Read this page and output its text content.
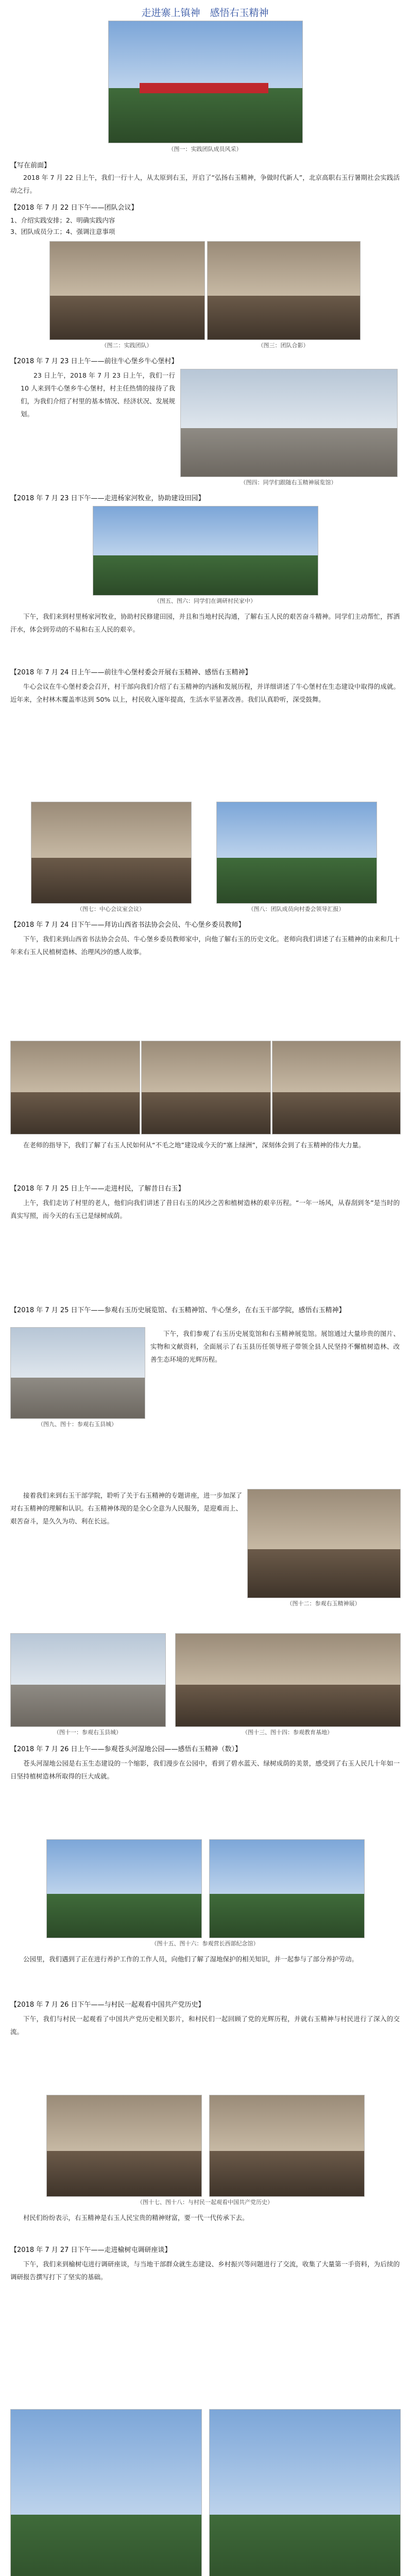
走进寨上镇神　感悟右玉精神
（图一：实践团队成员风采）
【写在前面】
2018 年 7 月 22 日上午，我们一行十人，从太原到右玉，开启了“弘扬右玉精神，争做时代新人”，北京高职右玉行暑期社会实践活动之行。
【2018 年 7 月 22 日下午——团队会议】
1、介绍实践安排；2、明确实践内容
3、团队成员分工；4、强调注意事项
（图二：实践团队）	（图三：团队合影）
【2018 年 7 月 23 日上午——前往牛心堡乡牛心堡村】
23 日上午，2018 年 7 月 23 日上午，我们一行 10 人来到牛心堡乡牛心堡村，村主任热情的接待了我们，为我们介绍了村里的基本情况、经济状况、发展规划。
（图四：同学们跟随右玉精神展览馆）
【2018 年 7 月 23 日下午——走进杨家河牧业，协助建设田园】
（图五、图六：同学们在调研村民家中）
下午，我们来到村里杨家河牧业，协助村民修建田园，并且和当地村民沟通，了解右玉人民的艰苦奋斗精神。同学们主动帮忙，挥洒汗水，体会到劳动的不易和右玉人民的艰辛。
【2018 年 7 月 24 日上午——前往牛心堡村委会开展右玉精神、感悟右玉精神】
牛心会议在牛心堡村委会召开，村干部向我们介绍了右玉精神的内涵和发展历程，并详细讲述了牛心堡村在生态建设中取得的成就。近年来，全村林木覆盖率达到 50% 以上，村民收入逐年提高，生活水平显著改善。我们认真聆听，深受鼓舞。
（图七：中心会议室会议）	（图八：团队成员向村委会领导汇报）
【2018 年 7 月 24 日下午——拜访山西省书法协会会员、牛心堡乡委员教师】
下午，我们来到山西省书法协会会员、牛心堡乡委员教师家中，向他了解右玉的历史文化。老师向我们讲述了右玉精神的由来和几十年来右玉人民植树造林、治理风沙的感人故事。
在老师的指导下，我们了解了右玉人民如何从“不毛之地”建设成今天的“塞上绿洲”，深刻体会到了右玉精神的伟大力量。
【2018 年 7 月 25 日上午——走进村民，了解昔日右玉】
上午，我们走访了村里的老人，他们向我们讲述了昔日右玉的风沙之苦和植树造林的艰辛历程。“一年一场风，从春刮到冬”是当时的真实写照，而今天的右玉已是绿树成荫。
【2018 年 7 月 25 日下午——参观右玉历史展览馆、右玉精神馆、牛心堡乡，在右玉干部学院，感悟右玉精神】
下午，我们参观了右玉历史展览馆和右玉精神展览馆。展馆通过大量珍贵的图片、实物和文献资料，全面展示了右玉县历任领导班子带领全县人民坚持不懈植树造林、改善生态环境的光辉历程。
（图九、图十：参观右玉县城）
接着我们来到右玉干部学院，聆听了关于右玉精神的专题讲座，进一步加深了对右玉精神的理解和认识。右玉精神体现的是全心全意为人民服务，是迎难而上、艰苦奋斗，是久久为功、利在长远。
（图十二：参观右玉精神展）
（图十一：参观右玉县城）	（图十三、图十四：参观教育基地）
【2018 年 7 月 26 日上午——参观苍头河湿地公园——感悟右玉精神（数）】
苍头河湿地公园是右玉生态建设的一个缩影，我们漫步在公园中，看到了碧水蓝天、绿树成荫的美景，感受到了右玉人民几十年如一日坚持植树造林所取得的巨大成就。
（图十五、图十六：参观营长西部纪念馆）
公园里，我们遇到了正在进行养护工作的工作人员，向他们了解了湿地保护的相关知识，并一起参与了部分养护劳动。
【2018 年 7 月 26 日下午——与村民一起观看中国共产党历史】
下午，我们与村民一起观看了中国共产党历史相关影片，和村民们一起回顾了党的光辉历程，并就右玉精神与村民进行了深入的交流。
（图十七、图十八：与村民一起观看中国共产党历史）
村民们纷纷表示，右玉精神是右玉人民宝贵的精神财富，要一代一代传承下去。
【2018 年 7 月 27 日下午——走进榆树屯调研座谈】
下午，我们来到榆树屯进行调研座谈，与当地干部群众就生态建设、乡村振兴等问题进行了交流，收集了大量第一手资料，为后续的调研报告撰写打下了坚实的基础。
